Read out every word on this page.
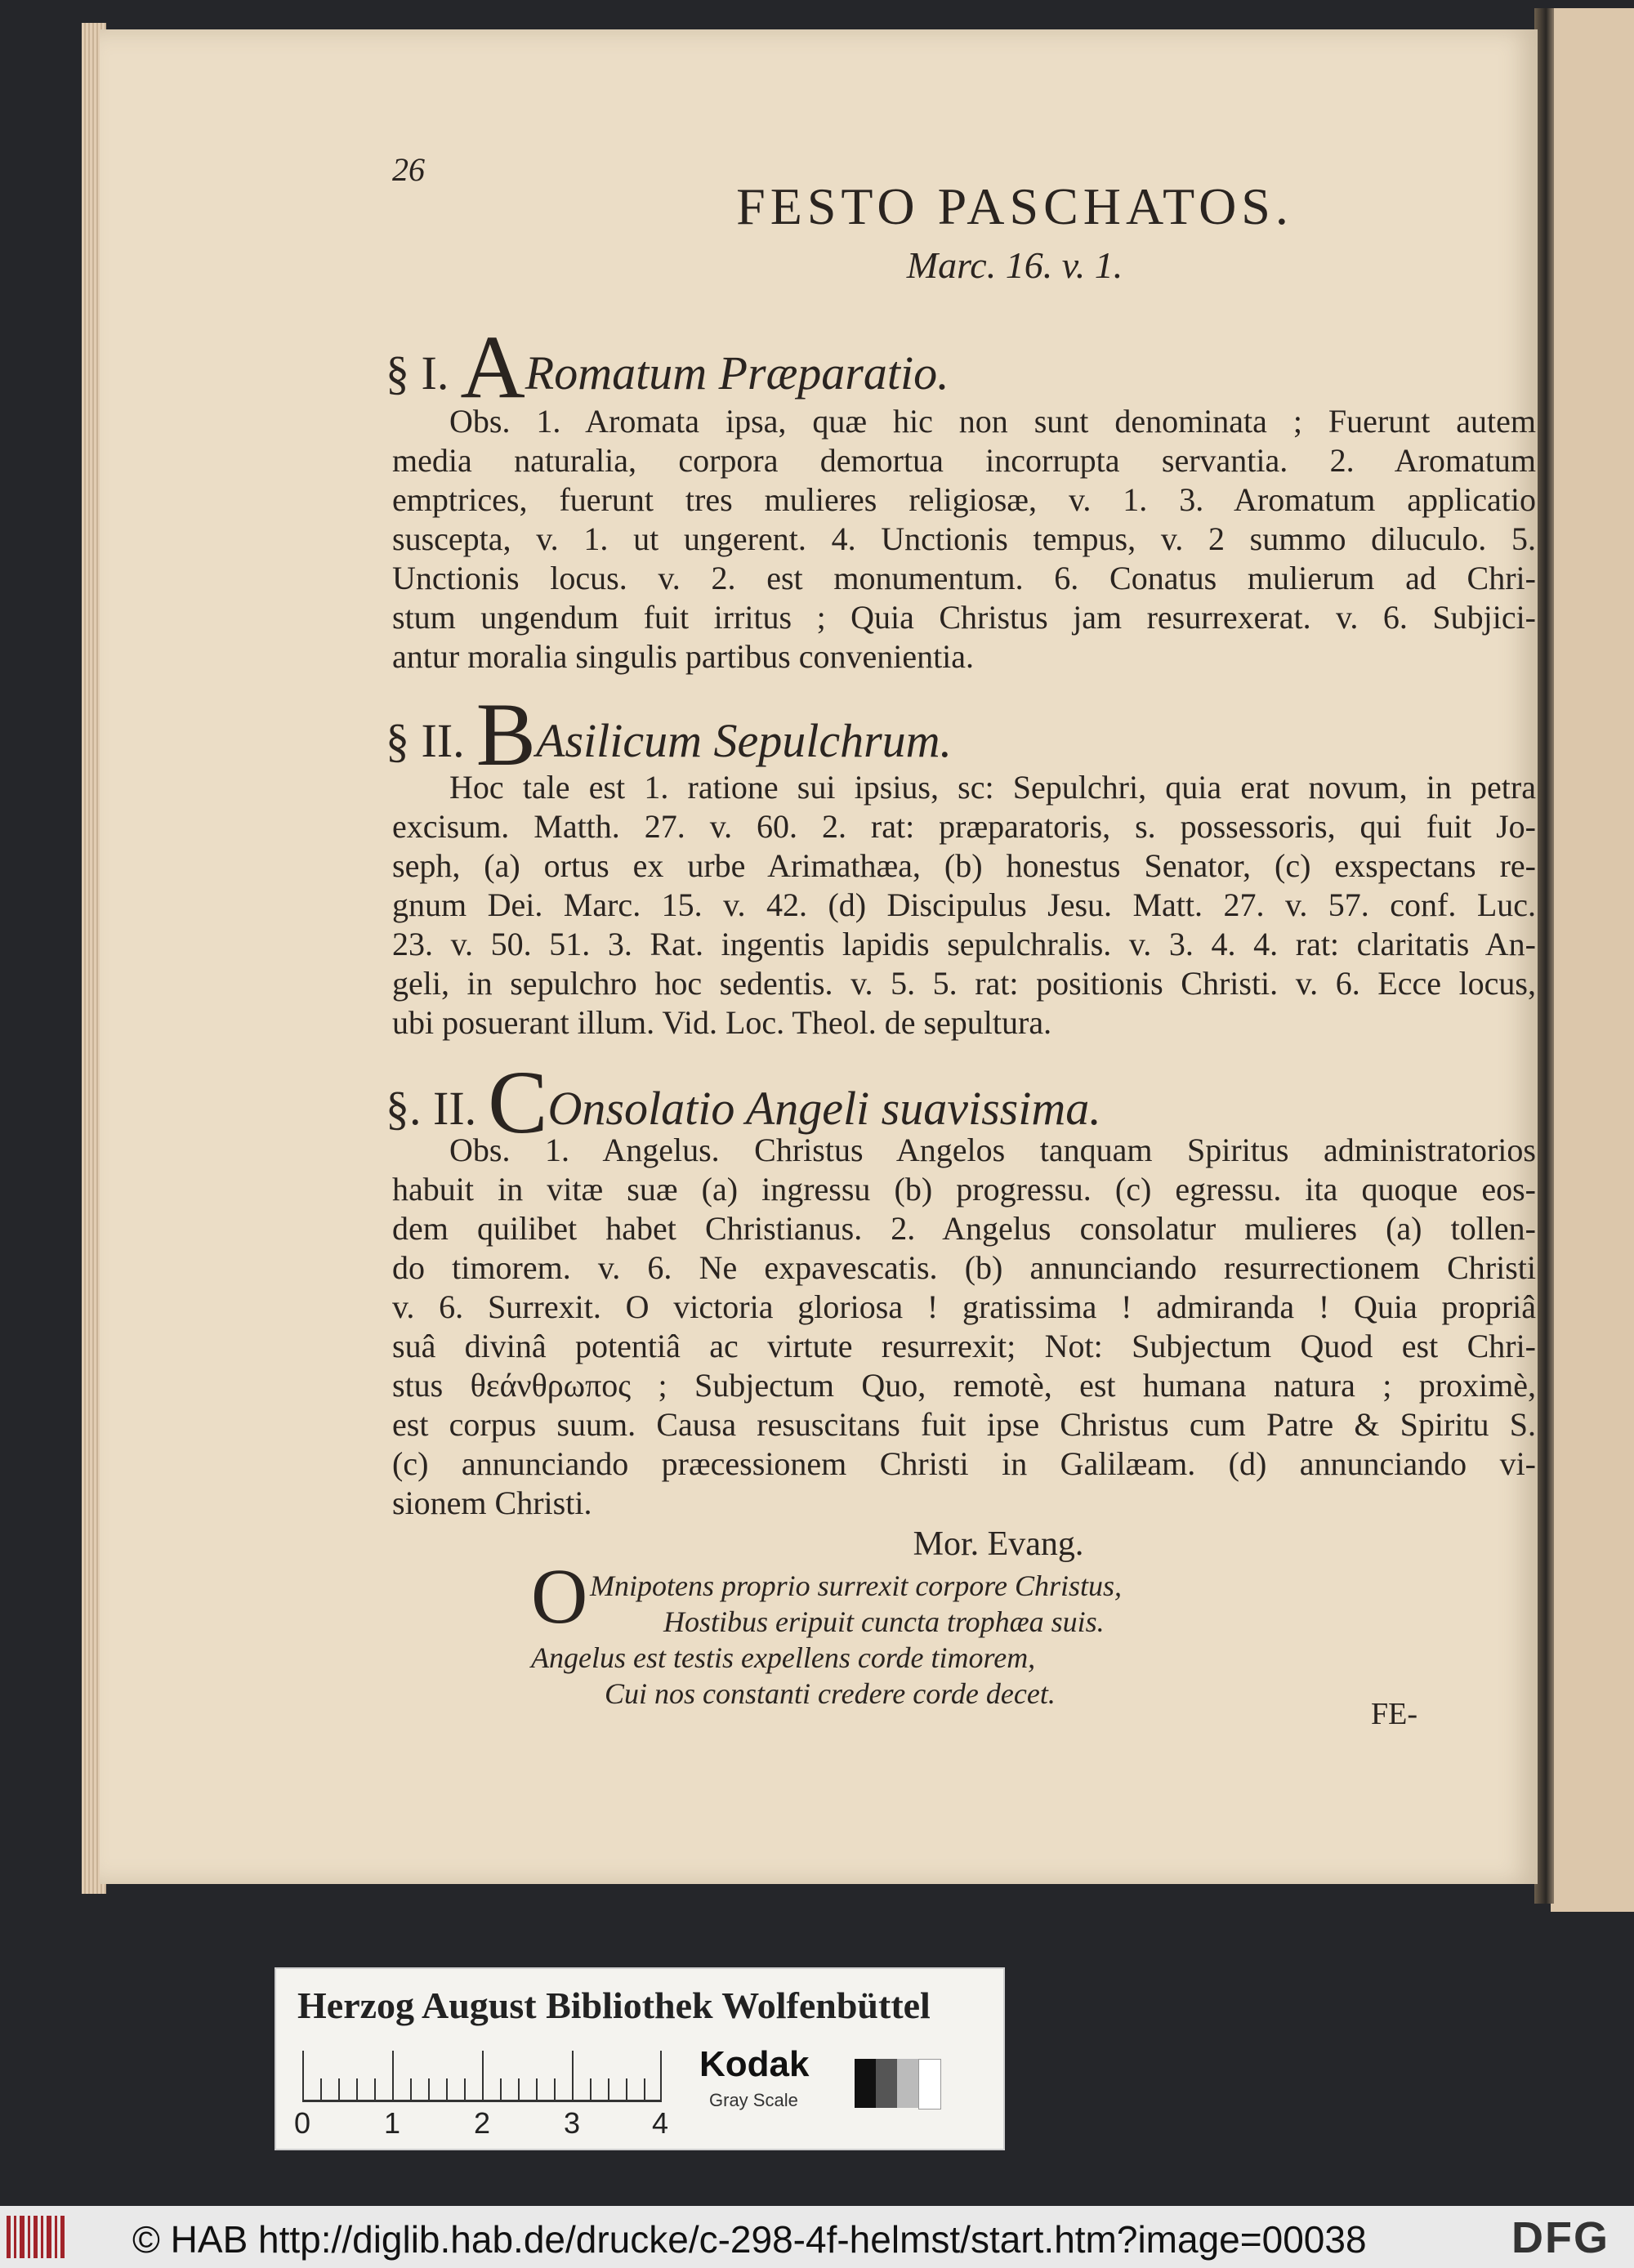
26
FESTO PASCHATOS.
Marc. 16. v. 1.
§ I. ARomatum Præparatio.
Obs. 1. Aromata ipsa, quæ hic non sunt denominata ; Fuerunt autem
media naturalia, corpora demortua incorrupta servantia. 2. Aromatum
emptrices, fuerunt tres mulieres religiosæ, v. 1. 3. Aromatum applicatio
suscepta, v. 1. ut ungerent. 4. Unctionis tempus, v. 2 summo diluculo. 5.
Unctionis locus. v. 2. est monumentum. 6. Conatus mulierum ad Chri-
stum ungendum fuit irritus ; Quia Christus jam resurrexerat. v. 6. Subjici-
antur moralia singulis partibus convenientia.
§ II. BAsilicum Sepulchrum.
Hoc tale est 1. ratione sui ipsius, sc: Sepulchri, quia erat novum, in petra
excisum. Matth. 27. v. 60. 2. rat: præparatoris, s. possessoris, qui fuit Jo-
seph, (a) ortus ex urbe Arimathæa, (b) honestus Senator, (c) exspectans re-
gnum Dei. Marc. 15. v. 42. (d) Discipulus Jesu. Matt. 27. v. 57. conf. Luc.
23. v. 50. 51. 3. Rat. ingentis lapidis sepulchralis. v. 3. 4. 4. rat: claritatis An-
geli, in sepulchro hoc sedentis. v. 5. 5. rat: positionis Christi. v. 6. Ecce locus,
ubi posuerant illum. Vid. Loc. Theol. de sepultura.
§. II. COnsolatio Angeli suavissima.
Obs. 1. Angelus. Christus Angelos tanquam Spiritus administratorios
habuit in vitæ suæ (a) ingressu (b) progressu. (c) egressu. ita quoque eos-
dem quilibet habet Christianus. 2. Angelus consolatur mulieres (a) tollen-
do timorem. v. 6. Ne expavescatis. (b) annunciando resurrectionem Christi
v. 6. Surrexit. O victoria gloriosa ! gratissima ! admiranda ! Quia propriâ
suâ divinâ potentiâ ac virtute resurrexit; Not: Subjectum Quod est Chri-
stus θεάνθρωπος ; Subjectum Quo, remotè, est humana natura ; proximè,
est corpus suum. Causa resuscitans fuit ipse Christus cum Patre & Spiritu S.
(c) annunciando præcessionem Christi in Galilæam. (d) annunciando vi-
sionem Christi.
Mor. Evang.
O Mnipotens proprio surrexit corpore Christus,
Hostibus eripuit cuncta trophæa suis.
Angelus est testis expellens corde timorem,
Cui nos constanti credere corde decet.
FE-
Herzog August Bibliothek Wolfenbüttel
0 1 2 3 4
Kodak
Gray Scale
© HAB http://diglib.hab.de/drucke/c-298-4f-helmst/start.htm?image=00038	DFG
